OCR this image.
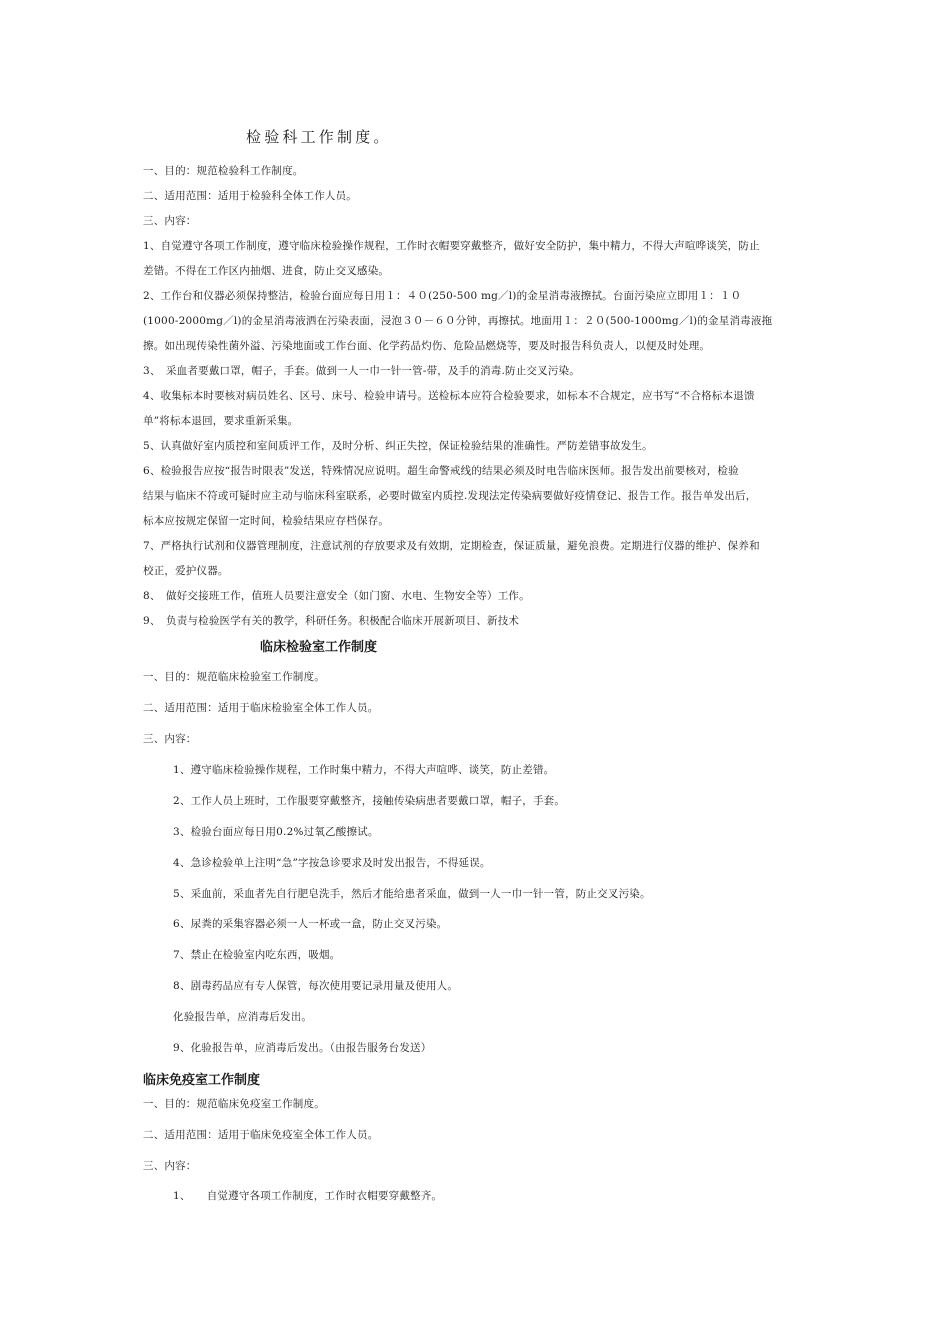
检验科工作制度。
一、目的：规范检验科工作制度。
二、适用范围：适用于检验科全体工作人员。
三、内容：
1、自觉遵守各项工作制度，遵守临床检验操作规程，工作时衣帽要穿戴整齐，做好安全防护，集中精力，不得大声喧哗谈笑，防止
差错。不得在工作区内抽烟、进食，防止交叉感染。
2、工作台和仪器必须保持整洁，检验台面应每日用１：４０(250-500 mg／l)的金星消毒液擦拭。台面污染应立即用１：１０
(1000-2000mg／l)的金星消毒液洒在污染表面，浸泡３０－６０分钟，再擦拭。地面用１：２０(500-1000mg／l)的金星消毒液拖
擦。如出现传染性菌外溢、污染地面或工作台面、化学药品灼伤、危险品燃烧等，要及时报告科负责人，以便及时处理。
3、　采血者要戴口罩，帽子，手套。做到一人一巾一针一管-带，及手的消毒.防止交叉污染。
4、收集标本时要核对病员姓名、区号、床号、检验申请号。送检标本应符合检验要求，如标本不合规定，应书写“不合格标本退馈
单”将标本退回，要求重新采集。
5、认真做好室内质控和室间质评工作，及时分析、纠正失控，保证检验结果的准确性。严防差错事故发生。
6、检验报告应按“报告时限表”发送，特殊情况应说明。超生命警戒线的结果必须及时电告临床医师。报告发出前要核对，检验
结果与临床不符或可疑时应主动与临床科室联系，必要时做室内质控.发现法定传染病要做好疫情登记、报告工作。报告单发出后，
标本应按规定保留一定时间，检验结果应存档保存。
7、严格执行试剂和仪器管理制度，注意试剂的存放要求及有效期，定期检查，保证质量，避免浪费。定期进行仪器的维护、保养和
校正，爱护仪器。
8、　做好交接班工作，值班人员要注意安全（如门窗、水电、生物安全等）工作。
9、　负责与检验医学有关的教学，科研任务。积极配合临床开展新项目、新技术
临床检验室工作制度
一、目的：规范临床检验室工作制度。
二、适用范围：适用于临床检验室全体工作人员。
三、内容：
1、遵守临床检验操作规程，工作时集中精力，不得大声喧哗、谈笑，防止差错。
2、工作人员上班时，工作服要穿戴整齐，接触传染病患者要戴口罩，帽子，手套。
3、检验台面应每日用0.2%过氧乙酸擦试。
4、急诊检验单上注明“急”字按急诊要求及时发出报告，不得延误。
5、采血前，采血者先自行肥皂洗手，然后才能给患者采血，做到一人一巾一针一管，防止交叉污染。
6、尿粪的采集容器必须一人一杯或一盒，防止交叉污染。
7、禁止在检验室内吃东西，吸烟。
8、剧毒药品应有专人保管，每次使用要记录用量及使用人。
化验报告单，应消毒后发出。
9、化验报告单，应消毒后发出。（由报告服务台发送）
临床免疫室工作制度
一、目的：规范临床免疫室工作制度。
二、适用范围：适用于临床免疫室全体工作人员。
三、内容：
1、　　自觉遵守各项工作制度，工作时衣帽要穿戴整齐。
